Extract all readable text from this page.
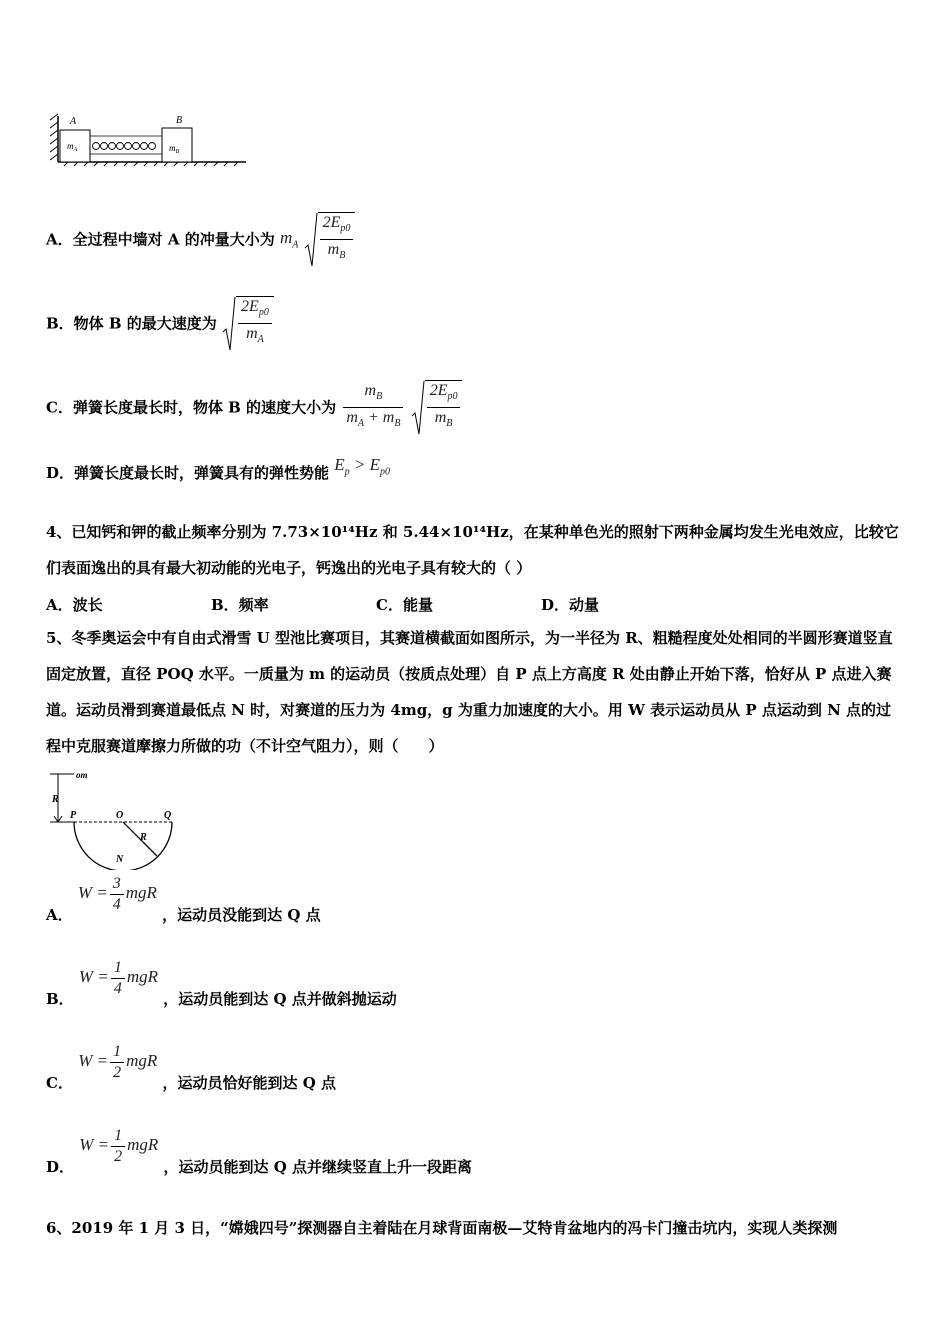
A	B
$m_A$	$m_B$
A．全过程中墙对 A 的冲量大小为 $m_A \frac{2E_{p0}}{m_B}$
B．物体 B 的最大速度为 $\frac{2E_{p0}}{m_A}$
C．弹簧长度最长时，物体 B 的速度大小为 $\frac{m_B}{m_A + m_B}$
$\frac{2E_{p0}}{m_B}$
D．弹簧长度最长时，弹簧具有的弹性势能 $E_p > E_{p0}$
4、已知钙和钾的截止频率分别为 7.73×10¹⁴Hz 和 5.44×10¹⁴Hz，在某种单色光的照射下两种金属均发生光电效应，比较它们表面逸出的具有最大初动能的光电子，钙逸出的光电子具有较大的（ ）
A．波长	B．频率	C．能量	D．动量
5、冬季奥运会中有自由式滑雪 U 型池比赛项目，其赛道横截面如图所示，为一半径为 R、粗糙程度处处相同的半圆形赛道竖直固定放置，直径 POQ 水平。一质量为 m 的运动员（按质点处理）自 P 点上方高度 R 处由静止开始下落，恰好从 P 点进入赛道。运动员滑到赛道最低点 N 时，对赛道的压力为 4mg，g 为重力加速度的大小。用 W 表示运动员从 P 点运动到 N 点的过程中克服赛道摩擦力所做的功（不计空气阻力），则（　　）
om
R
P	O	Q
R
N
A． $W = \frac{3}{4}$ mgR ，运动员没能到达 Q 点
B． $W = \frac{1}{4}$ mgR ，运动员能到达 Q 点并做斜抛运动
C． $W = \frac{1}{2}$ mgR ，运动员恰好能到达 Q 点
D． $W = \frac{1}{2}$ mgR ，运动员能到达 Q 点并继续竖直上升一段距离
6、2019 年 1 月 3 日，“嫦娥四号”探测器自主着陆在月球背面南极—艾特肯盆地内的冯卡门撞击坑内，实现人类探测
